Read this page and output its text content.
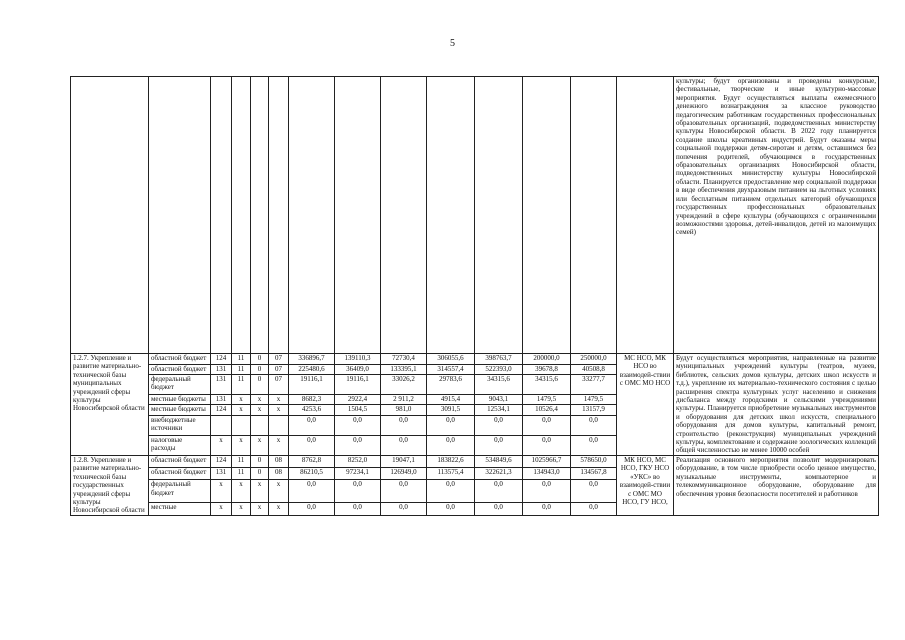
5
														культуры; будут организованы и проведены конкурсные, фестивальные, творческие и иные культурно-массовые мероприятия. Будут осуществляться выплаты ежемесячного денежного вознаграждения за классное руководство педагогическим работникам государственных профессиональных образовательных организаций, подведомственных министерству культуры Новосибирской области. В 2022 году планируется создание школы креативных индустрий. Будут оказаны меры социальной поддержки детям-сиротам и детям, оставшимся без попечения родителей, обучающимся в государственных образовательных организациях Новосибирской области, подведомственных министерству культуры Новосибирской области. Планируется предоставление мер социальной поддержки в виде обеспечения двухразовым питанием на льготных условиях или бесплатным питанием отдельных категорий обучающихся государственных профессиональных образовательных учреждений в сфере культуры (обучающихся с ограниченными возможностями здоровья, детей-инвалидов, детей из малоимущих семей)
1.2.7. Укрепление и развитие материально-технической базы муниципальных учреждений сферы культуры Новосибирской области	областной бюджет	124	11	0	07	336896,7	139110,3	72730,4	306055,6	398763,7	200000,0	250000,0	МС НСО, МК НСО во взаимодей-ствии с ОМС МО НСО	Будут осуществляться мероприятия, направленные на развитие муниципальных учреждений культуры (театров, музеев, библиотек, сельских домов культуры, детских школ искусств и т.д.), укрепление их материально-технического состояния с целью расширения спектра культурных услуг населению и снижения дисбаланса между городскими и сельскими учреждениями культуры. Планируется приобретение музыкальных инструментов и оборудования для детских школ искусств, специального оборудования для домов культуры, капитальный ремонт, строительство (реконструкция) муниципальных учреждений культуры, комплектование и содержание зоологических коллекций общей численностью не менее 10000 особей
	областной бюджет	131	11	0	07	225480,6	36409,0	133395,1	314557,4	522393,0	39678,8	40508,8		
	федеральный бюджет	131	11	0	07	19116,1	19116,1	33026,2	29783,6	34315,6	34315,6	33277,7		
	местные бюджеты	131	x	x	x	8682,3	2922,4	2 911,2	4915,4	9043,1	1479,5	1479,5		
	местные бюджеты	124	x	x	x	4253,6	1504,5	981,0	3091,5	12534,1	10526,4	13157,9		
	внебюджетные источники					0,0	0,0	0,0	0,0	0,0	0,0	0,0		
	налоговые расходы	x	x	x	x	0,0	0,0	0,0	0,0	0,0	0,0	0,0		
1.2.8. Укрепление и развитие материально-технической базы государственных учреждений сферы культуры Новосибирской области	областной бюджет	124	11	0	08	8762,8	8252,0	19047,1	183822,6	534849,6	1025966,7	578650,0	МК НСО, МС НСО, ГКУ НСО «УКС» во взаимодей-ствии с ОМС МО НСО, ГУ НСО,	Реализация основного мероприятия позволит модернизировать оборудование, в том числе приобрести особо ценное имущество, музыкальные инструменты, компьютерное и телекоммуникационное оборудование, оборудование для обеспечения уровня безопасности посетителей и работников
	областной бюджет	131	11	0	08	86210,5	97234,1	126949,0	113575,4	322621,3	134943,0	134567,8		
	федеральный бюджет	x	x	x	x	0,0	0,0	0,0	0,0	0,0	0,0	0,0		
	местные	x	x	x	x	0,0	0,0	0,0	0,0	0,0	0,0	0,0		
